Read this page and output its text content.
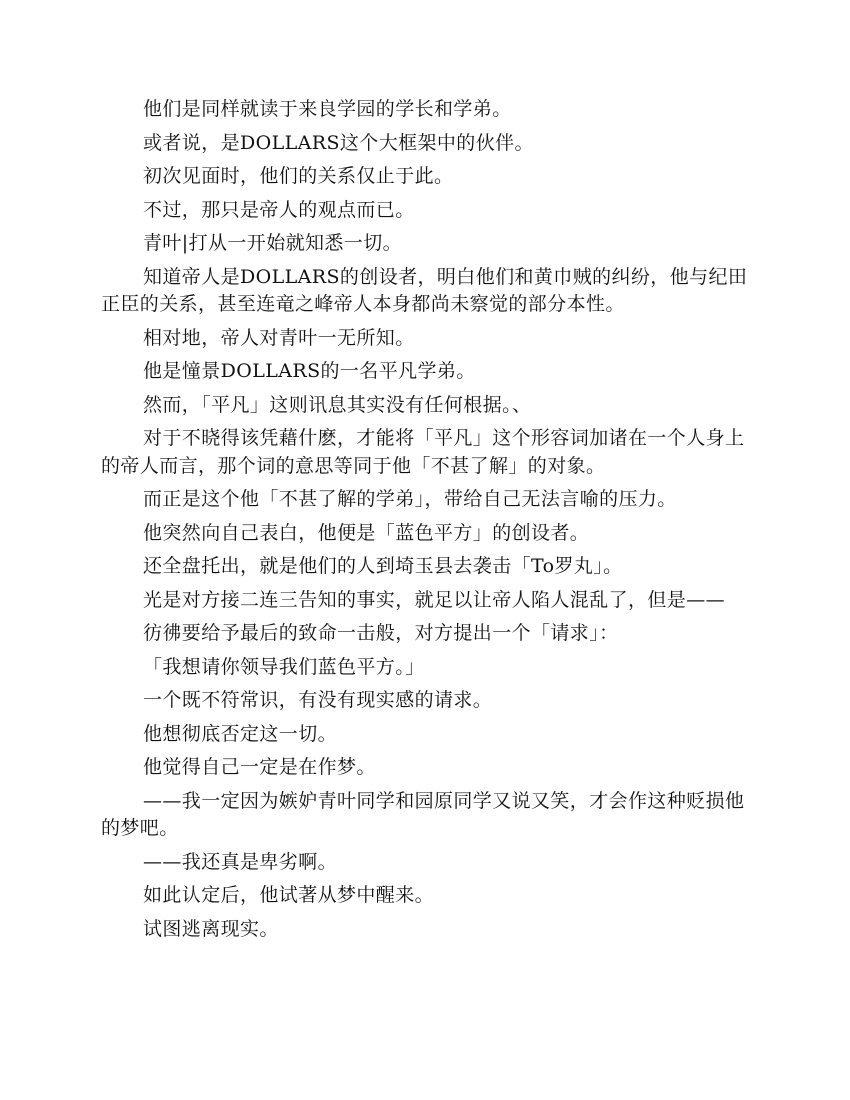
他们是同样就读于来良学园的学长和学弟。

或者说，是DOLLARS这个大框架中的伙伴。

初次见面时，他们的关系仅止于此。

不过，那只是帝人的观点而已。

青叶|打从一开始就知悉一切。

知道帝人是DOLLARS的创设者，明白他们和黄巾贼的纠纷，他与纪田正臣的关系，甚至连竜之峰帝人本身都尚未察觉的部分本性。

相对地，帝人对青叶一无所知。

他是憧景DOLLARS的一名平凡学弟。

然而，「平凡」这则讯息其实没有任何根据。、

对于不晓得该凭藉什麽，才能将「平凡」这个形容词加诸在一个人身上的帝人而言，那个词的意思等同于他「不甚了解」的对象。

而正是这个他「不甚了解的学弟」，带给自己无法言喻的压力。

他突然向自己表白，他便是「蓝色平方」的创设者。

还全盘托出，就是他们的人到埼玉县去袭击「To罗丸」。

光是对方接二连三告知的事实，就足以让帝人陷人混乱了，但是——

彷彿要给予最后的致命一击般，对方提出一个「请求」：

「我想请你领导我们蓝色平方。」

一个既不符常识，有没有现实感的请求。

他想彻底否定这一切。

他觉得自己一定是在作梦。

——我一定因为嫉妒青叶同学和园原同学又说又笑，才会作这种贬损他的梦吧。

——我还真是卑劣啊。

如此认定后，他试著从梦中醒来。

试图逃离现实。
